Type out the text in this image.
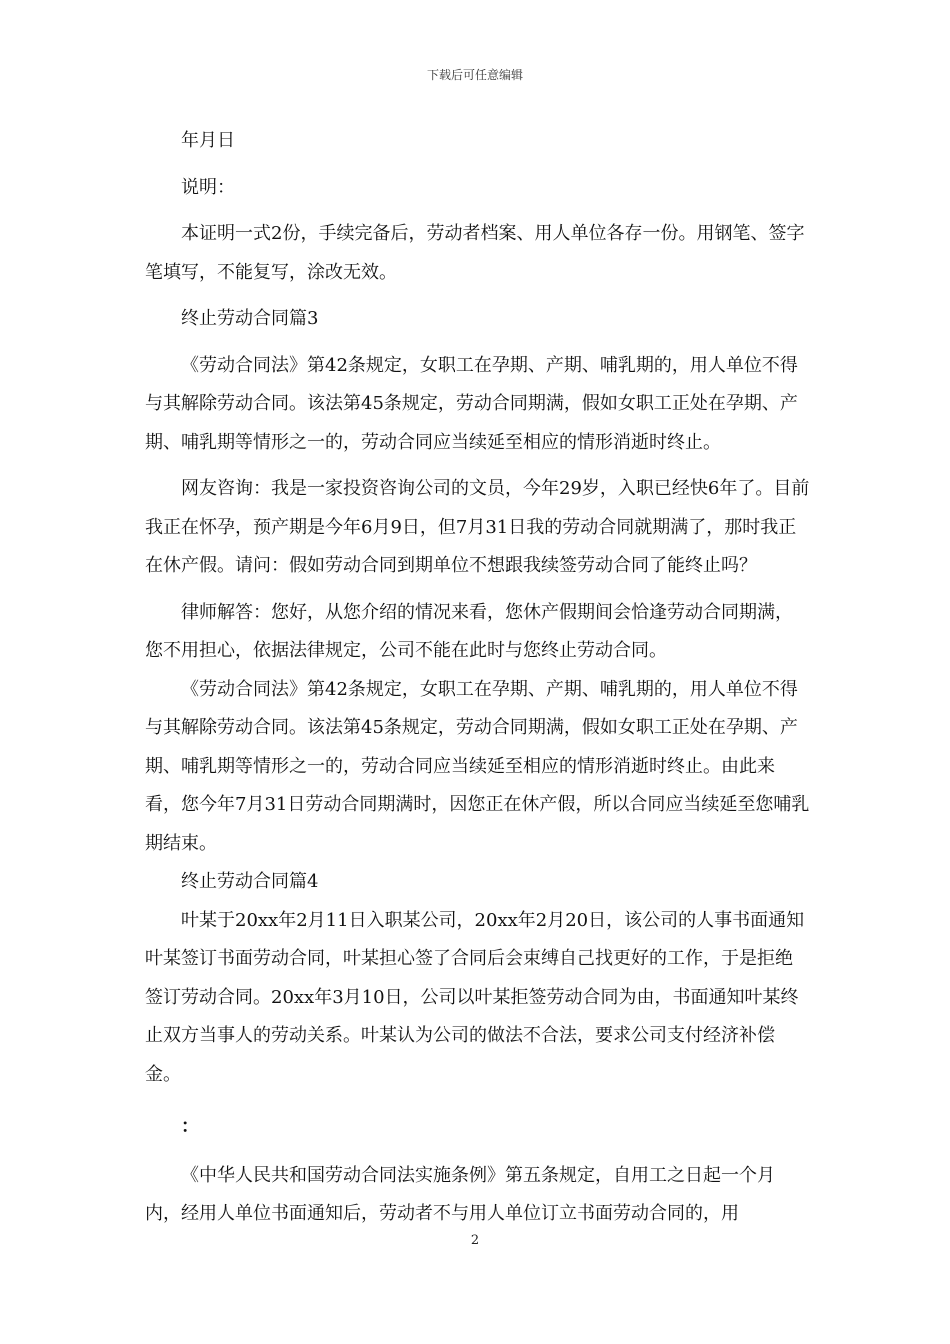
下载后可任意编辑

年月日

说明：

本证明一式2份，手续完备后，劳动者档案、用人单位各存一份。用钢笔、签字笔填写，不能复写，涂改无效。

终止劳动合同篇3

《劳动合同法》第42条规定，女职工在孕期、产期、哺乳期的，用人单位不得与其解除劳动合同。该法第45条规定，劳动合同期满，假如女职工正处在孕期、产期、哺乳期等情形之一的，劳动合同应当续延至相应的情形消逝时终止。

网友咨询：我是一家投资咨询公司的文员，今年29岁，入职已经快6年了。目前我正在怀孕，预产期是今年6月9日，但7月31日我的劳动合同就期满了，那时我正在休产假。请问：假如劳动合同到期单位不想跟我续签劳动合同了能终止吗？

律师解答：您好，从您介绍的情况来看，您休产假期间会恰逢劳动合同期满，您不用担心，依据法律规定，公司不能在此时与您终止劳动合同。

《劳动合同法》第42条规定，女职工在孕期、产期、哺乳期的，用人单位不得与其解除劳动合同。该法第45条规定，劳动合同期满，假如女职工正处在孕期、产期、哺乳期等情形之一的，劳动合同应当续延至相应的情形消逝时终止。由此来看，您今年7月31日劳动合同期满时，因您正在休产假，所以合同应当续延至您哺乳期结束。

终止劳动合同篇4

叶某于20xx年2月11日入职某公司，20xx年2月20日，该公司的人事书面通知叶某签订书面劳动合同，叶某担心签了合同后会束缚自己找更好的工作，于是拒绝签订劳动合同。20xx年3月10日，公司以叶某拒签劳动合同为由，书面通知叶某终止双方当事人的劳动关系。叶某认为公司的做法不合法，要求公司支付经济补偿金。

：

《中华人民共和国劳动合同法实施条例》第五条规定，自用工之日起一个月内，经用人单位书面通知后，劳动者不与用人单位订立书面劳动合同的，用

2
